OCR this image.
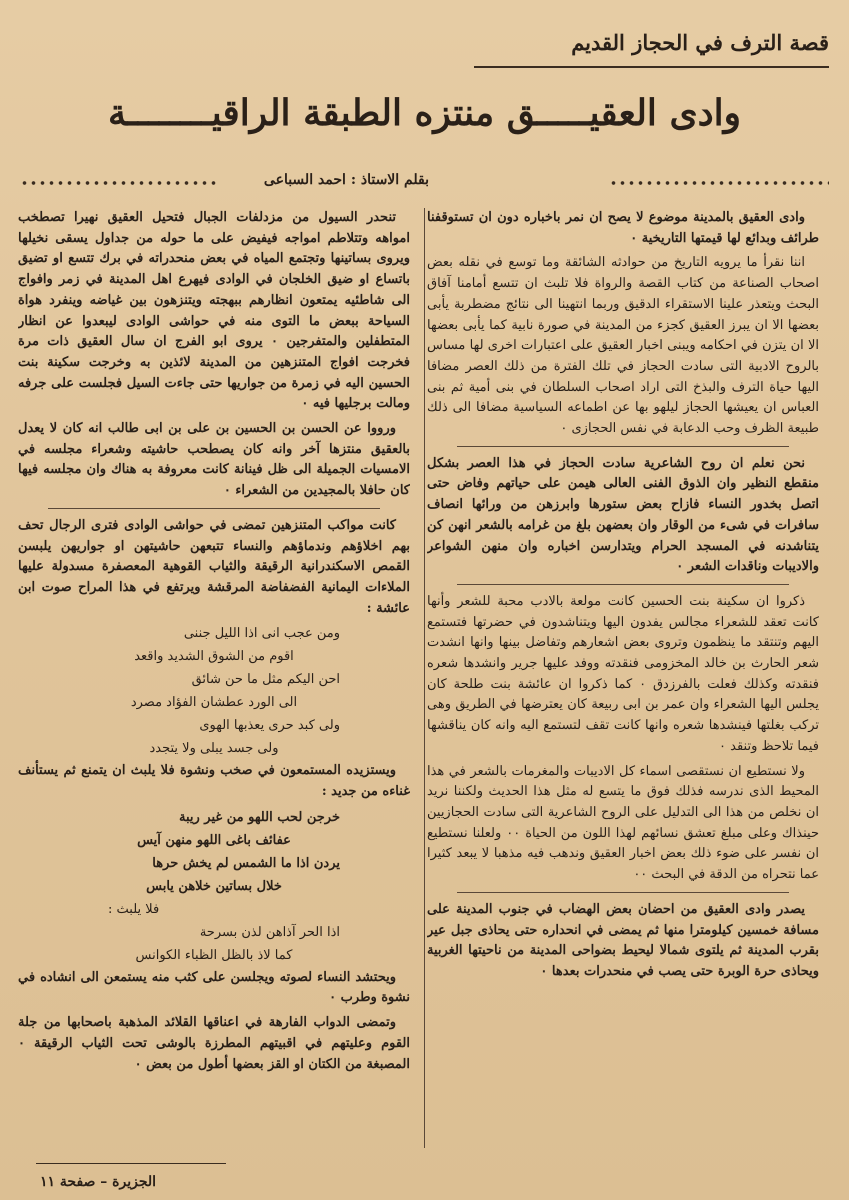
قصة الترف في الحجاز القديم
وادى العقيـــــق منتزه الطبقة الراقيــــــــة
بقلم الاستاذ : احمد السباعى

وادى العقيق بالمدينة موضوع لا يصح ان نمر باخباره دون ان تستوقفنا طرائف وبدائع لها قيمتها التاريخية ٠

اننا نقرأ ما يرويه التاريخ من حوادثه الشائقة وما توسع في نقله بعض اصحاب الصناعة من كتاب القصة والرواة فلا تلبث ان تتسع أمامنا آفاق البحث ويتعذر علينا الاستقراء الدقيق وربما انتهينا الى نتائج مضطربة يأبى بعضها الا ان يبرز العقيق كجزء من المدينة في صورة نابية كما يأبى بعضها الا ان يتزن في احكامه ويبنى اخبار العقيق على اعتبارات اخرى لها مساس بالروح الادبية التى سادت الحجاز في تلك الفترة من ذلك العصر مضافا اليها حياة الترف والبذخ التى اراد اصحاب السلطان في بنى أمية ثم بنى العباس ان يعيشها الحجاز ليلهو بها عن اطماعه السياسية مضافا الى ذلك طبيعة الظرف وحب الدعابة في نفس الحجازى ٠

نحن نعلم ان روح الشاعرية سادت الحجاز في هذا العصر بشكل منقطع النظير وان الذوق الفنى العالى هيمن على حياتهم وفاض حتى اتصل بخدور النساء فازاح بعض ستورها وابرزهن من ورائها انصاف سافرات في شىء من الوقار وان بعضهن بلغ من غرامه بالشعر انهن كن يتناشدنه في المسجد الحرام ويتدارسن اخباره وان منهن الشواعر والاديبات وناقدات الشعر ٠

ذكروا ان سكينة بنت الحسين كانت مولعة بالادب محبة للشعر وأنها كانت تعقد للشعراء مجالس يفدون اليها ويتناشدون في حضرتها فتستمع اليهم وتنتقد ما ينظمون وتروى بعض اشعارهم وتفاضل بينها وانها انشدت شعر الحارث بن خالد المخزومى فنقدته ووفد عليها جرير وانشدها شعره فنقدته وكذلك فعلت بالفرزدق ٠ كما ذكروا ان عائشة بنت طلحة كان يجلس اليها الشعراء وان عمر بن ابى ربيعة كان يعترضها في الطريق وهى تركب بغلتها فينشدها شعره وانها كانت تقف لتستمع اليه وانه كان يناقشها فيما تلاحظ وتنقد ٠

ولا نستطيع ان نستقصى اسماء كل الاديبات والمغرمات بالشعر في هذا المحيط الذى ندرسه فذلك فوق ما يتسع له مثل هذا الحديث ولكننا نريد ان نخلص من هذا الى التدليل على الروح الشاعرية التى سادت الحجازيين حينذاك وعلى مبلغ تعشق نسائهم لهذا اللون من الحياة ٠٠ ولعلنا نستطيع ان نفسر على ضوء ذلك بعض اخبار العقيق وندهب فيه مذهبا لا يبعد كثيرا عما نتحراه من الدقة في البحث ٠٠

يصدر وادى العقيق من احضان بعض الهضاب في جنوب المدينة على مسافة خمسين كيلومترا منها ثم يمضى في انحداره حتى يحاذى جبل عير بقرب المدينة ثم يلتوى شمالا ليحيط بضواحى المدينة من ناحيتها الغربية ويحاذى حرة الوبرة حتى يصب في منحدرات بعدها ٠

تنحدر السيول من مزدلفات الجبال فتحيل العقيق نهيرا تصطخب امواهه وتتلاطم امواجه فيفيض على ما حوله من جداول يسقى نخيلها ويروى بساتينها وتجتمع المياه في بعض منحدراته في برك تتسع او تضيق باتساع او ضيق الخلجان في الوادى فيهرع اهل المدينة في زمر وافواج الى شاطئيه يمتعون انظارهم ببهجته ويتنزهون بين غياضه وينفرد هواة السياحة ببعض ما التوى منه في حواشى الوادى ليبعدوا عن انظار المتطفلين والمتفرجين ٠ يروى ابو الفرج ان سال العقيق ذات مرة فخرجت افواج المتنزهين من المدينة لائذين به وخرجت سكينة بنت الحسين اليه في زمرة من جواريها حتى جاءت السيل فجلست على جرفه ومالت برجليها فيه ٠

ورووا عن الحسن بن الحسين بن على بن ابى طالب انه كان لا يعدل بالعقيق منتزها آخر وانه كان يصطحب حاشيته وشعراء مجلسه في الامسيات الجميلة الى ظل فينانة كانت معروفة به هناك وان مجلسه فيها كان حافلا بالمجيدين من الشعراء ٠

كانت مواكب المتنزهين تمضى في حواشى الوادى فترى الرجال تحف بهم اخلاؤهم وندماؤهم والنساء تتبعهن حاشيتهن او جواريهن يلبسن القمص الاسكندرانية الرقيقة والثياب القوهية المعصفرة مسدولة عليها الملاءات اليمانية الفضفاضة المرقشة ويرتفع في هذا المراح صوت ابن عائشة :

ومن عجب انى اذا الليل جننى
اقوم من الشوق الشديد واقعد
احن اليكم مثل ما حن شائق
الى الورد عطشان الفؤاد مصرد
ولى كبد حرى يعذبها الهوى
ولى جسد يبلى ولا يتجدد

ويستزيده المستمعون في صخب ونشوة فلا يلبث ان يتمنع ثم يستأنف غناءه من جديد :

خرجن لحب اللهو من غير ريبة
عفائف باغى اللهو منهن آيس
يردن اذا ما الشمس لم يخش حرها
خلال بساتين خلاهن يابس
فلا يلبث :
اذا الحر آذاهن لذن بسرحة
كما لاذ بالظل الظباء الكوانس

ويحتشد النساء لصوته ويجلسن على كثب منه يستمعن الى انشاده في نشوة وطرب ٠

وتمضى الدواب الفارهة في اعناقها القلائد المذهبة باصحابها من جلة القوم وعليتهم في اقبيتهم المطرزة بالوشى تحت الثياب الرقيقة ٠ المصبغة من الكتان او القز بعضها أطول من بعض ٠

الجزيرة – صفحة ١١
